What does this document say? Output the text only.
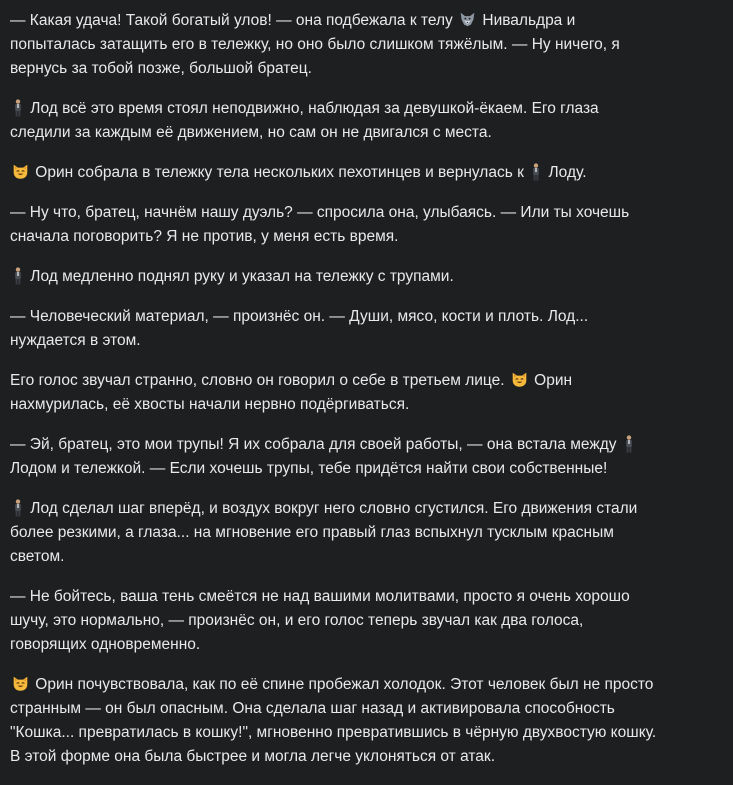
— Какая удача! Такой богатый улов! — она подбежала к телу
Нивальдра и попыталась затащить его в тележку, но оно было слишком тяжёлым. — Ну ничего, я вернусь за тобой позже, большой братец.

Лод всё это время стоял неподвижно, наблюдая за девушкой-ёкаем. Его глаза следили за каждым её движением, но сам он не двигался с места.

Орин собрала в тележку тела нескольких пехотинцев и вернулась к
Лоду.

— Ну что, братец, начнём нашу дуэль? — спросила она, улыбаясь. — Или ты хочешь сначала поговорить? Я не против, у меня есть время.

Лод медленно поднял руку и указал на тележку с трупами.

— Человеческий материал, — произнёс он. — Души, мясо, кости и плоть. Лод... нуждается в этом.

Его голос звучал странно, словно он говорил о себе в третьем лице.
Орин нахмурилась, её хвосты начали нервно подёргиваться.

— Эй, братец, это мои трупы! Я их собрала для своей работы, — она встала между
Лодом и тележкой. — Если хочешь трупы, тебе придётся найти свои собственные!

Лод сделал шаг вперёд, и воздух вокруг него словно сгустился. Его движения стали более резкими, а глаза... на мгновение его правый глаз вспыхнул тусклым красным светом.

— Не бойтесь, ваша тень смеётся не над вашими молитвами, просто я очень хорошо шучу, это нормально, — произнёс он, и его голос теперь звучал как два голоса, говорящих одновременно.

Орин почувствовала, как по её спине пробежал холодок. Этот человек был не просто странным — он был опасным. Она сделала шаг назад и активировала способность "Кошка... превратилась в кошку!", мгновенно превратившись в чёрную двухвостую кошку. В этой форме она была быстрее и могла легче уклоняться от атак.
